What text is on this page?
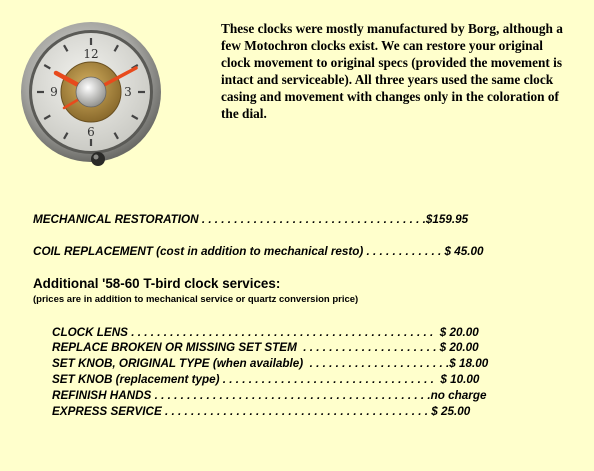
12
3
6
9

These clocks were mostly manufactured by Borg, although a few Motochron clocks exist. We can restore your original clock movement to original specs (provided the movement is intact and serviceable). All three years used the same clock casing and movement with changes only in the coloration of the dial.

MECHANICAL RESTORATION . . . . . . . . . . . . . . . . . . . . . . . . . . . . . . . . . . .$159.95
COIL REPLACEMENT (cost in addition to mechanical resto) . . . . . . . . . . . . $ 45.00
Additional '58-60 T-bird clock services:
(prices are in addition to mechanical service or quartz conversion price)
CLOCK LENS . . . . . . . . . . . . . . . . . . . . . . . . . . . . . . . . . . . . . . . . . . . . . . .  $ 20.00
REPLACE BROKEN OR MISSING SET STEM  . . . . . . . . . . . . . . . . . . . . . $ 20.00
SET KNOB, ORIGINAL TYPE (when available)  . . . . . . . . . . . . . . . . . . . . . .$ 18.00
SET KNOB (replacement type) . . . . . . . . . . . . . . . . . . . . . . . . . . . . . . . . .  $ 10.00
REFINISH HANDS . . . . . . . . . . . . . . . . . . . . . . . . . . . . . . . . . . . . . . . . . . .no charge
EXPRESS SERVICE . . . . . . . . . . . . . . . . . . . . . . . . . . . . . . . . . . . . . . . . . $ 25.00
